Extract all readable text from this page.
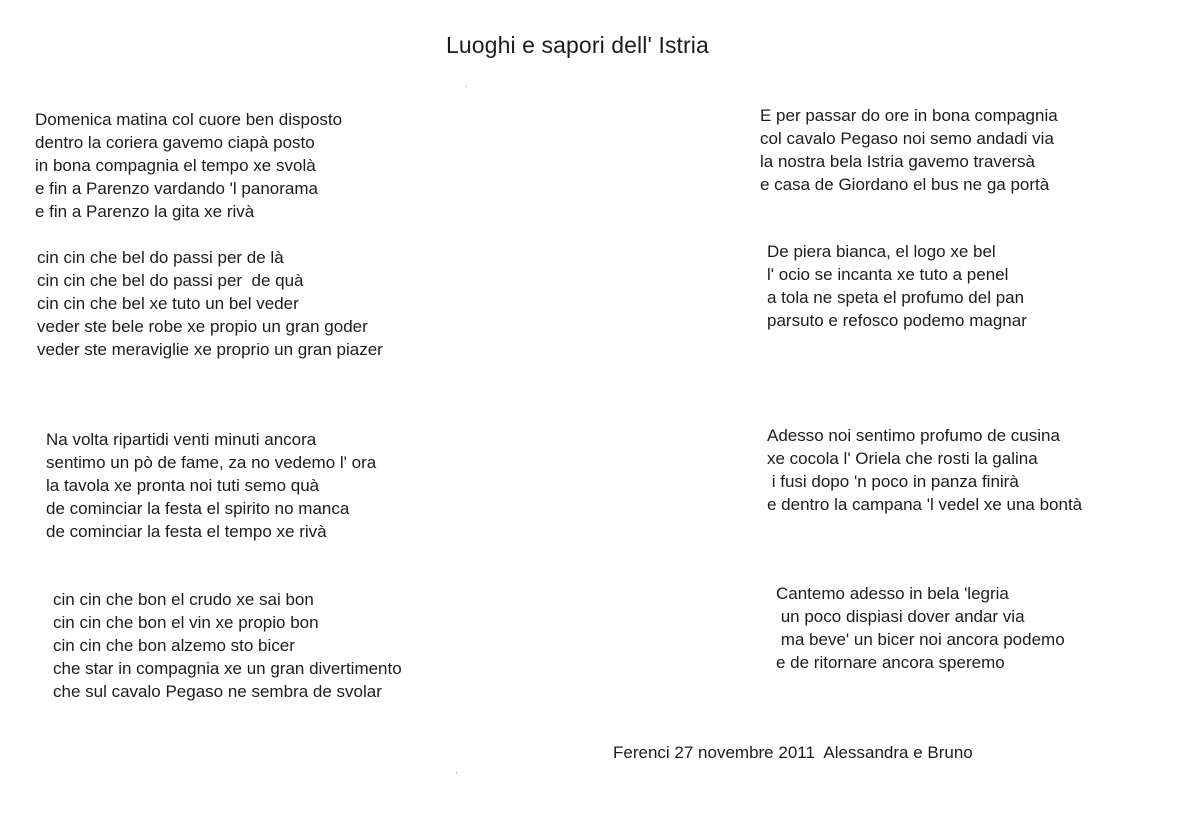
Luoghi e sapori dell' Istria
Domenica matina col cuore ben disposto
dentro la coriera gavemo ciapà posto
in bona compagnia el tempo xe svolà
e fin a Parenzo vardando 'l panorama
e fin a Parenzo la gita xe rivà
cin cin che bel do passi per de là
cin cin che bel do passi per  de quà
cin cin che bel xe tuto un bel veder
veder ste bele robe xe propio un gran goder
veder ste meraviglie xe proprio un gran piazer
Na volta ripartidi venti minuti ancora
sentimo un pò de fame, za no vedemo l' ora
la tavola xe pronta noi tuti semo quà
de cominciar la festa el spirito no manca
de cominciar la festa el tempo xe rivà
cin cin che bon el crudo xe sai bon
cin cin che bon el vin xe propio bon
cin cin che bon alzemo sto bicer
che star in compagnia xe un gran divertimento
che sul cavalo Pegaso ne sembra de svolar
E per passar do ore in bona compagnia
col cavalo Pegaso noi semo andadi via
la nostra bela Istria gavemo traversà
e casa de Giordano el bus ne ga portà
De piera bianca, el logo xe bel
l' ocio se incanta xe tuto a penel
a tola ne speta el profumo del pan
parsuto e refosco podemo magnar
Adesso noi sentimo profumo de cusina
xe cocola l' Oriela che rosti la galina
i fusi dopo 'n poco in panza finirà
e dentro la campana 'l vedel xe una bontà
Cantemo adesso in bela 'legria
un poco dispiasi dover andar via
ma beve' un bicer noi ancora podemo
e de ritornare ancora speremo
Ferenci 27 novembre 2011  Alessandra e Bruno
